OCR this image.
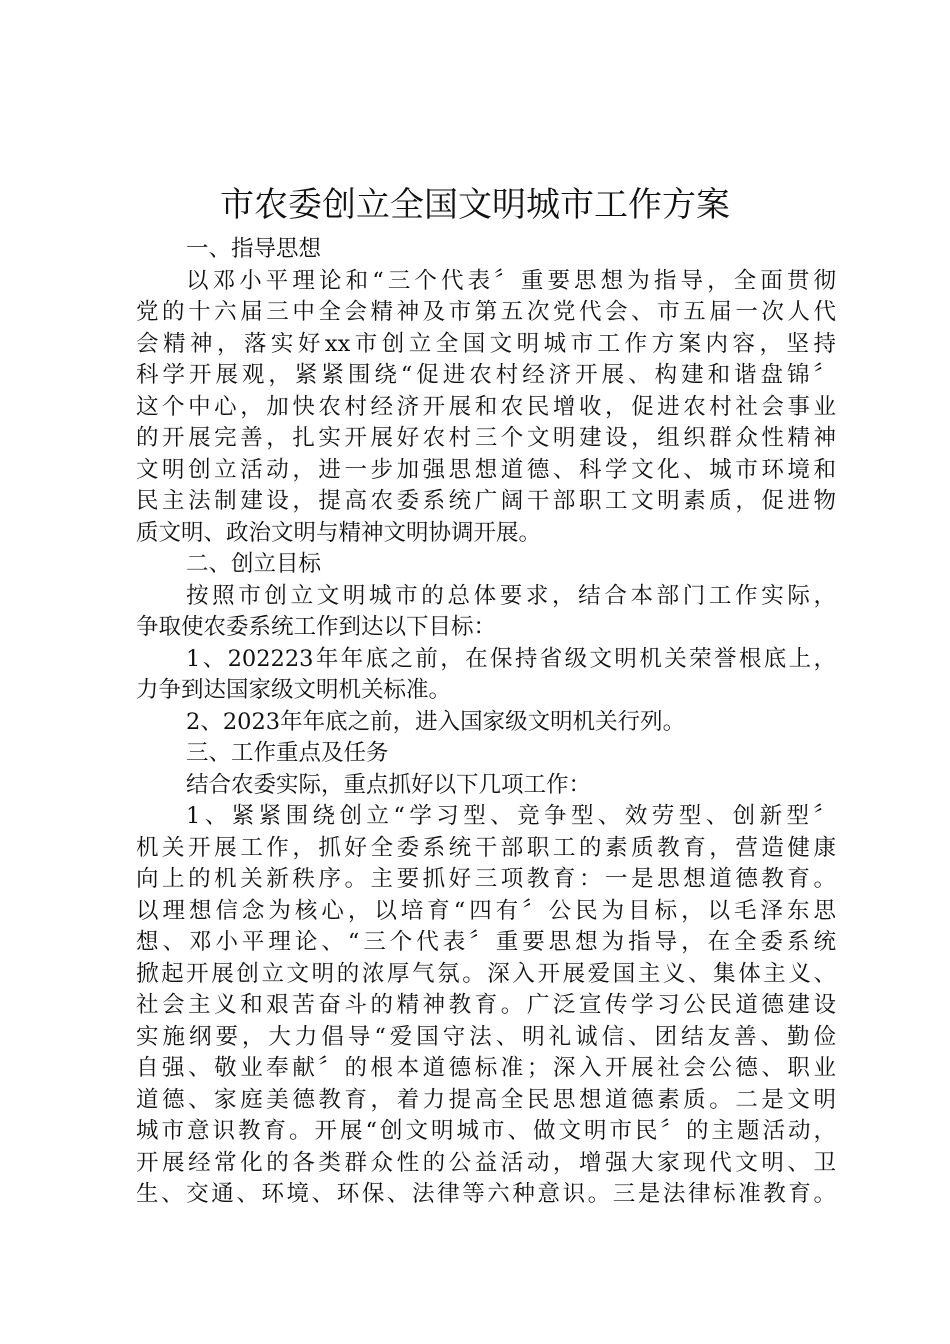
市农委创立全国文明城市工作方案
一、指导思想
以邓小平理论和“三个代表〞重要思想为指导，全面贯彻
党的十六届三中全会精神及市第五次党代会、市五届一次人代
会精神，落实好xx市创立全国文明城市工作方案内容，坚持
科学开展观，紧紧围绕“促进农村经济开展、构建和谐盘锦〞
这个中心，加快农村经济开展和农民增收，促进农村社会事业
的开展完善，扎实开展好农村三个文明建设，组织群众性精神
文明创立活动，进一步加强思想道德、科学文化、城市环境和
民主法制建设，提高农委系统广阔干部职工文明素质，促进物
质文明、政治文明与精神文明协调开展。
二、创立目标
按照市创立文明城市的总体要求，结合本部门工作实际，
争取使农委系统工作到达以下目标：
1、202223年年底之前，在保持省级文明机关荣誉根底上，
力争到达国家级文明机关标准。
2、2023年年底之前，进入国家级文明机关行列。
三、工作重点及任务
结合农委实际，重点抓好以下几项工作：
1、紧紧围绕创立“学习型、竞争型、效劳型、创新型〞
机关开展工作，抓好全委系统干部职工的素质教育，营造健康
向上的机关新秩序。主要抓好三项教育：一是思想道德教育。
以理想信念为核心，以培育“四有〞公民为目标，以毛泽东思
想、邓小平理论、“三个代表〞重要思想为指导，在全委系统
掀起开展创立文明的浓厚气氛。深入开展爱国主义、集体主义、
社会主义和艰苦奋斗的精神教育。广泛宣传学习公民道德建设
实施纲要，大力倡导“爱国守法、明礼诚信、团结友善、勤俭
自强、敬业奉献〞的根本道德标准；深入开展社会公德、职业
道德、家庭美德教育，着力提高全民思想道德素质。二是文明
城市意识教育。开展“创文明城市、做文明市民〞的主题活动，
开展经常化的各类群众性的公益活动，增强大家现代文明、卫
生、交通、环境、环保、法律等六种意识。三是法律标准教育。
